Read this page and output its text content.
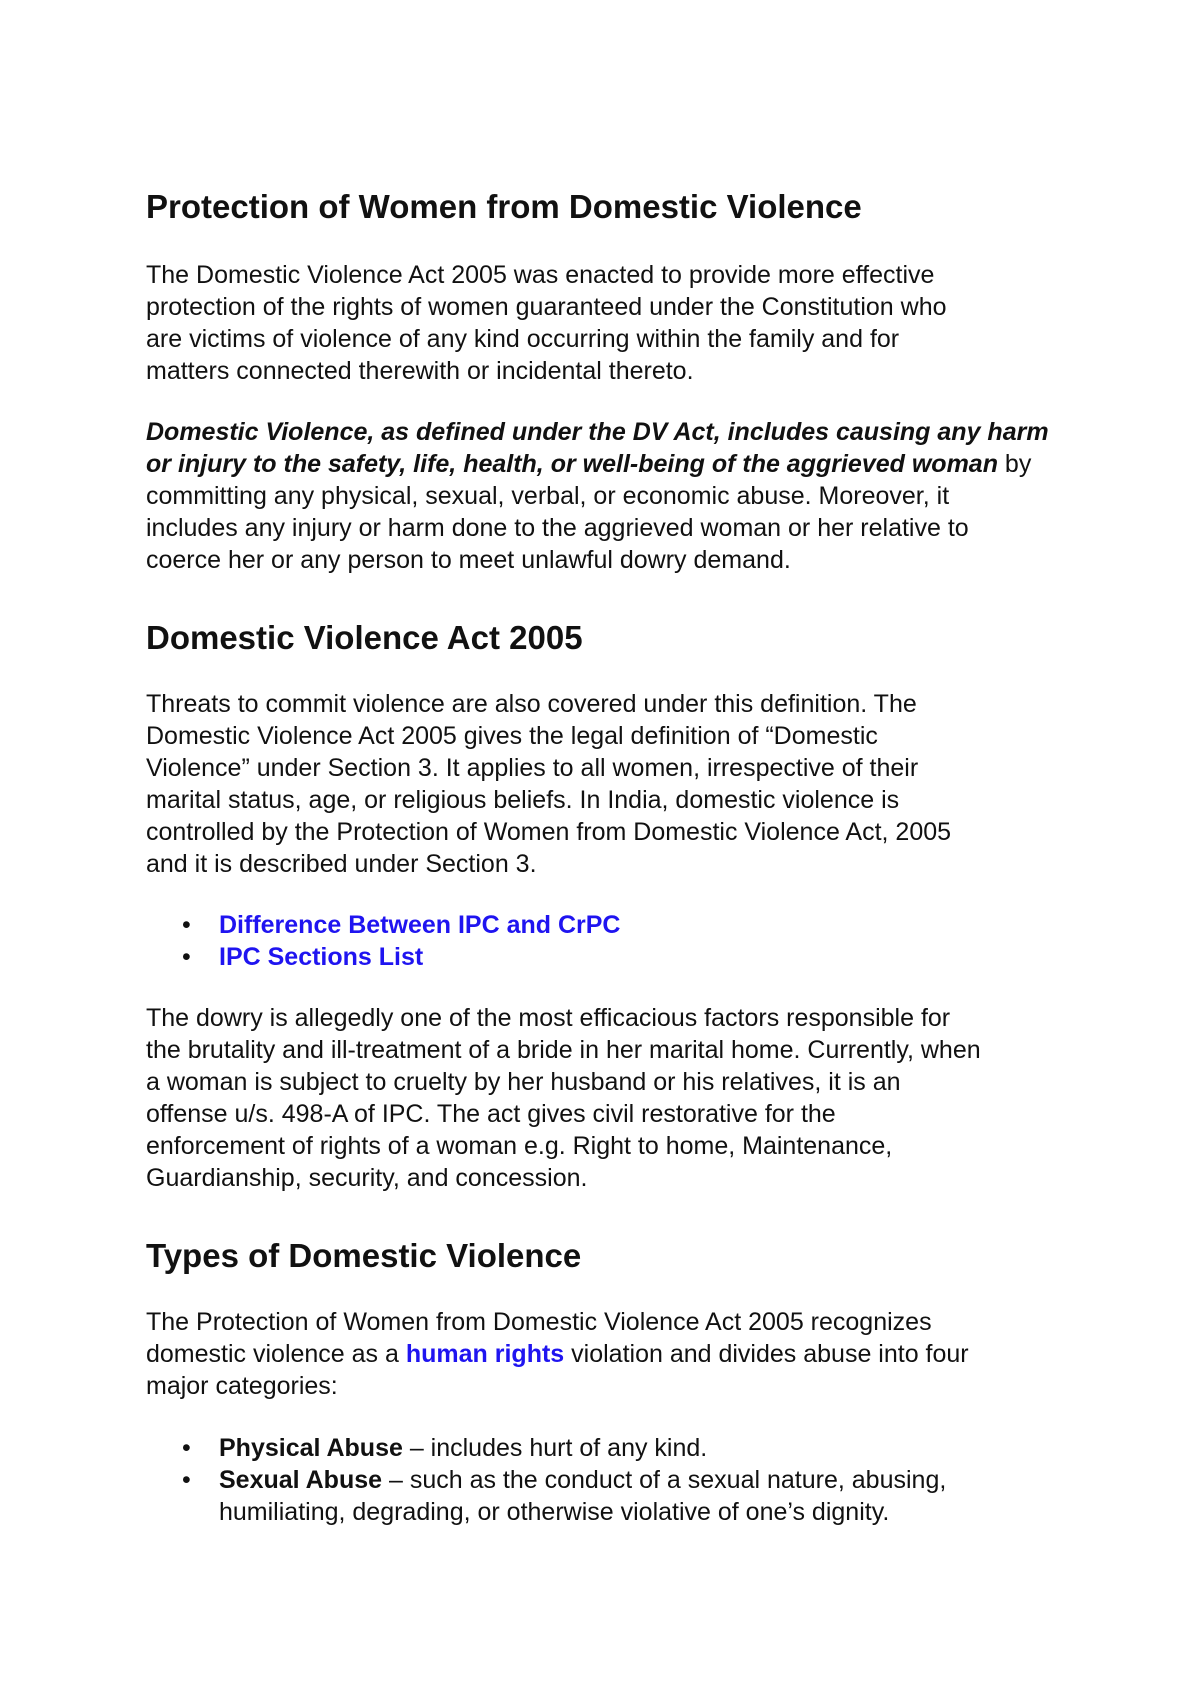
Protection of Women from Domestic Violence
The Domestic Violence Act 2005 was enacted to provide more effective
protection of the rights of women guaranteed under the Constitution who
are victims of violence of any kind occurring within the family and for
matters connected therewith or incidental thereto.
Domestic Violence, as defined under the DV Act, includes causing any harm
or injury to the safety, life, health, or well-being of the aggrieved woman by
committing any physical, sexual, verbal, or economic abuse. Moreover, it
includes any injury or harm done to the aggrieved woman or her relative to
coerce her or any person to meet unlawful dowry demand.
Domestic Violence Act 2005
Threats to commit violence are also covered under this definition. The
Domestic Violence Act 2005 gives the legal definition of “Domestic
Violence” under Section 3. It applies to all women, irrespective of their
marital status, age, or religious beliefs. In India, domestic violence is
controlled by the Protection of Women from Domestic Violence Act, 2005
and it is described under Section 3.
• Difference Between IPC and CrPC
• IPC Sections List
The dowry is allegedly one of the most efficacious factors responsible for
the brutality and ill-treatment of a bride in her marital home. Currently, when
a woman is subject to cruelty by her husband or his relatives, it is an
offense u/s. 498-A of IPC. The act gives civil restorative for the
enforcement of rights of a woman e.g. Right to home, Maintenance,
Guardianship, security, and concession.
Types of Domestic Violence
The Protection of Women from Domestic Violence Act 2005 recognizes
domestic violence as a human rights violation and divides abuse into four
major categories:
• Physical Abuse – includes hurt of any kind.
• Sexual Abuse – such as the conduct of a sexual nature, abusing,
humiliating, degrading, or otherwise violative of one’s dignity.
